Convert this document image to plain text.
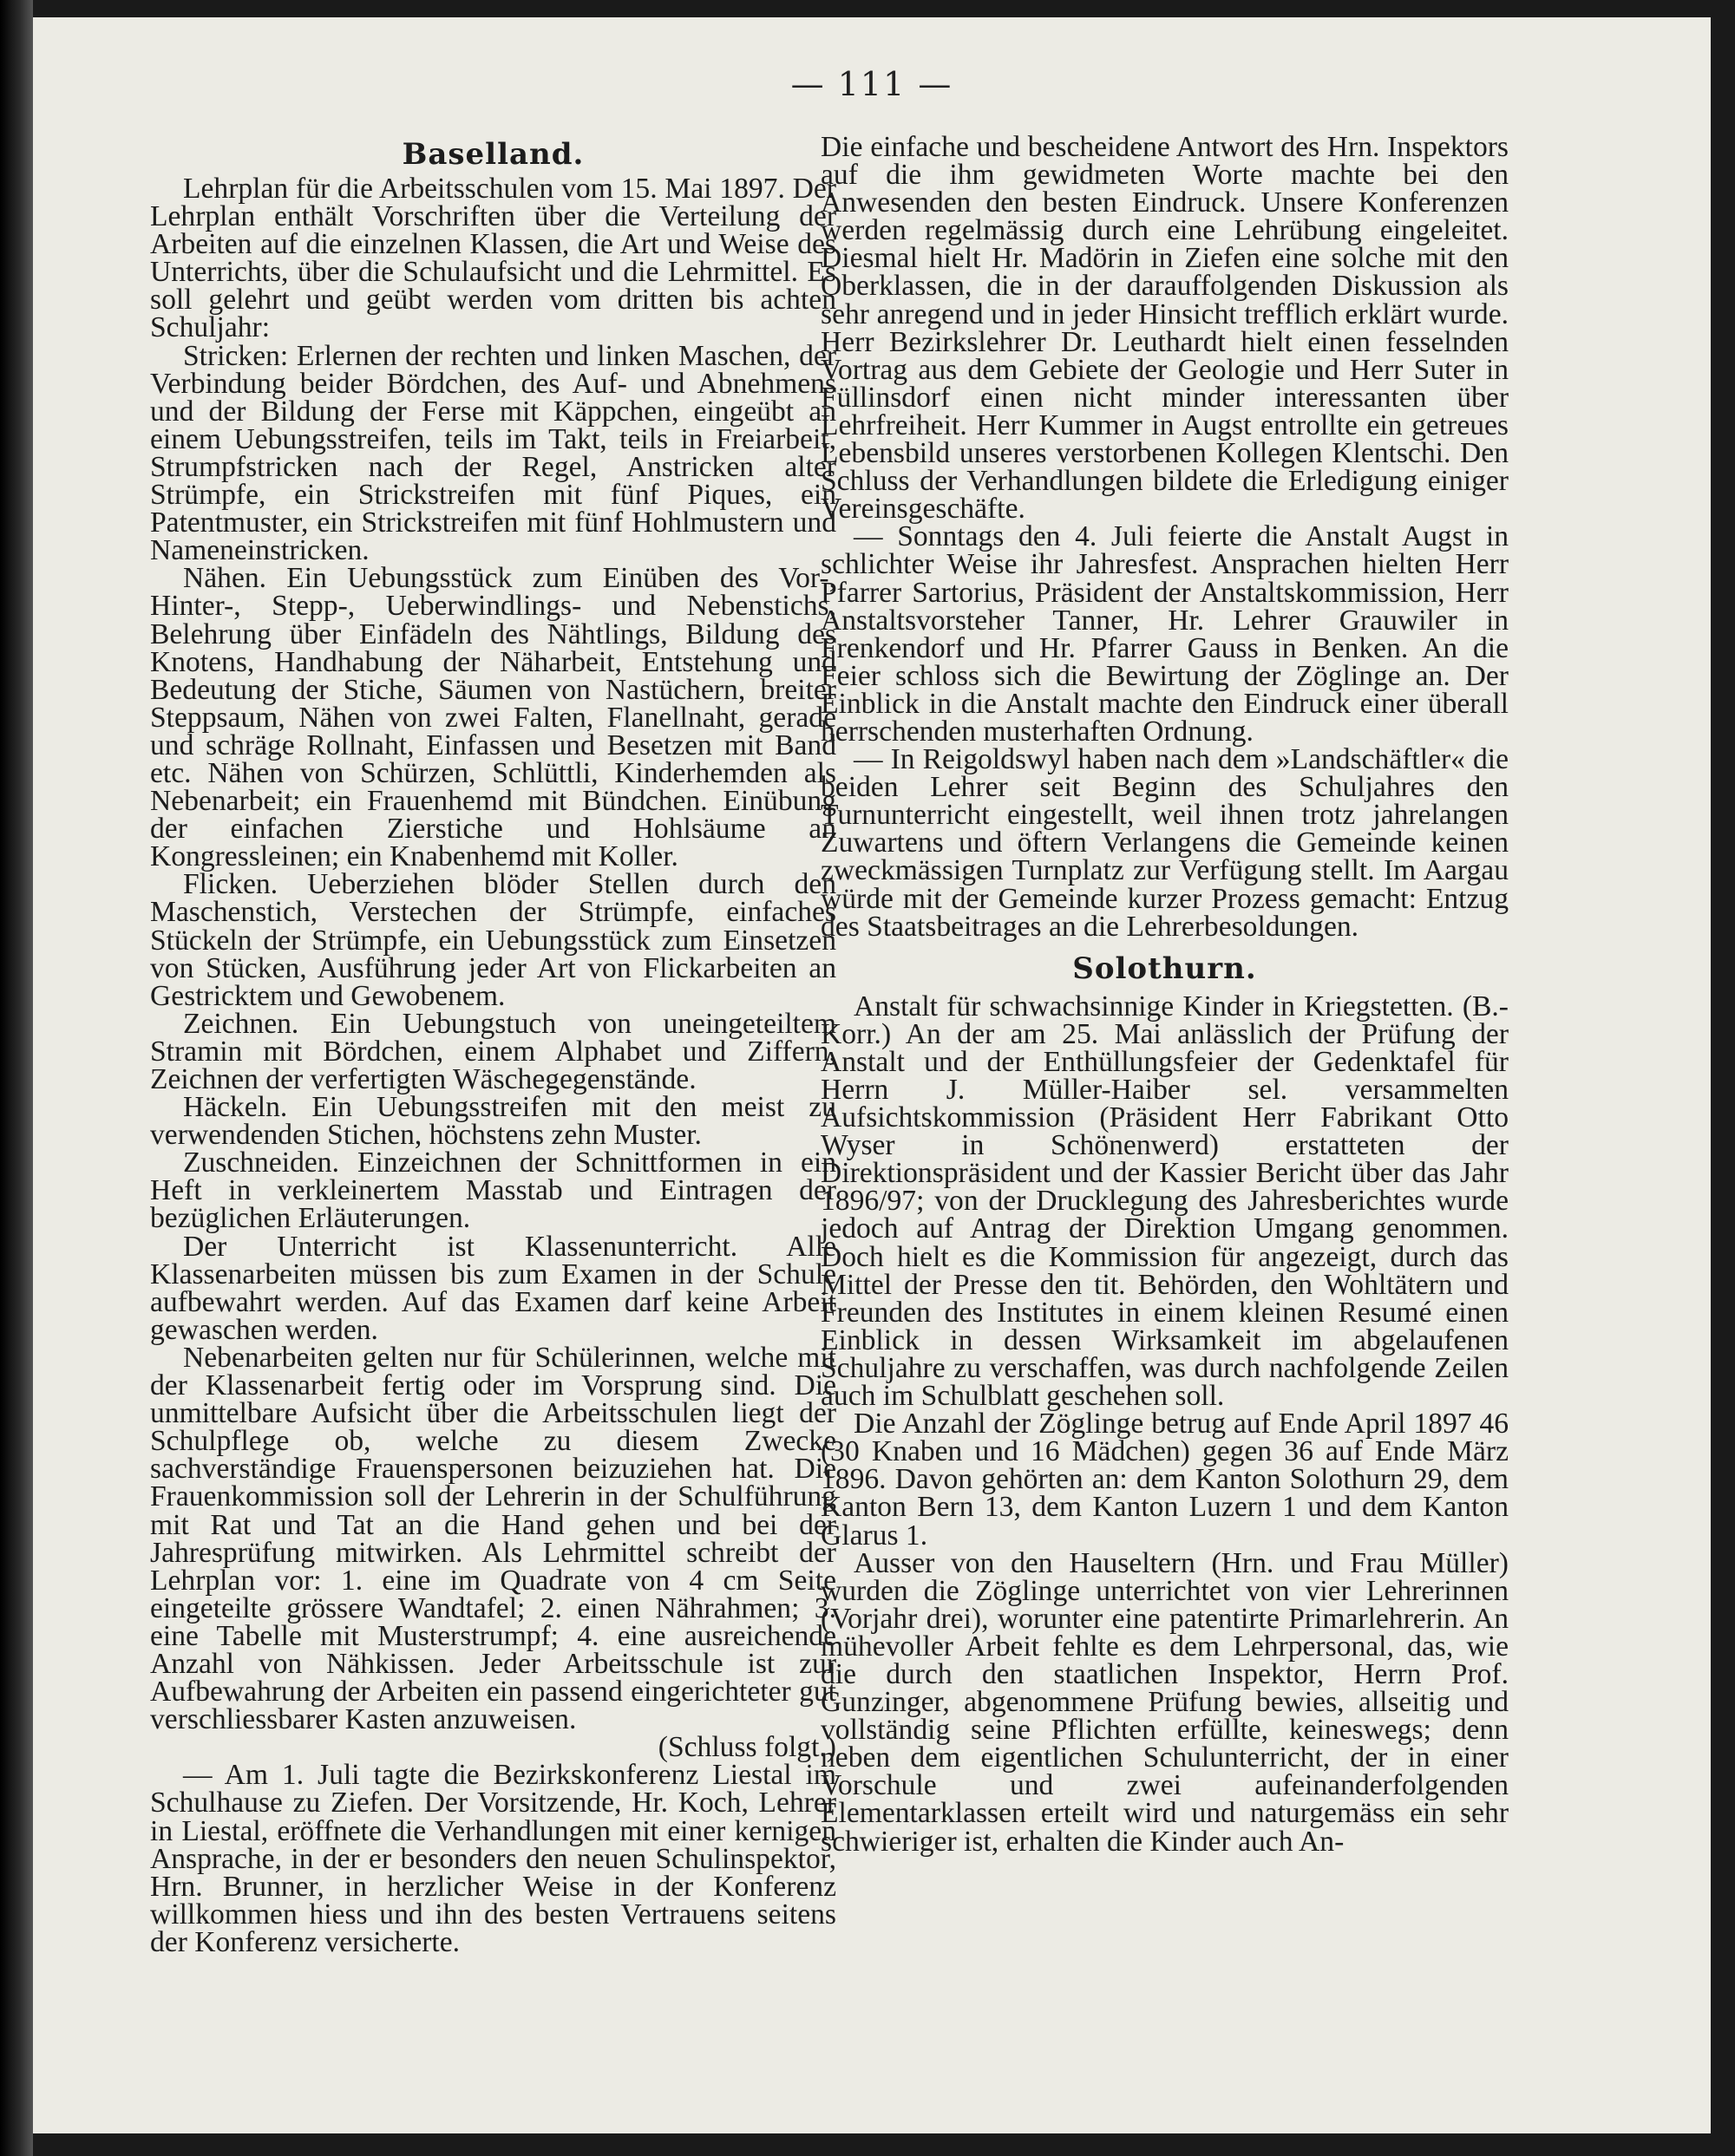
— 111 —
Baselland.

Lehrplan für die Arbeitsschulen vom 15. Mai 1897. Der Lehrplan enthält Vorschriften über die Verteilung der Arbeiten auf die einzelnen Klassen, die Art und Weise des Unterrichts, über die Schulaufsicht und die Lehrmittel. Es soll gelehrt und geübt werden vom dritten bis achten Schuljahr:

Stricken: Erlernen der rechten und linken Maschen, der Verbindung beider Bördchen, des Auf- und Abnehmens und der Bildung der Ferse mit Käppchen, eingeübt an einem Uebungsstreifen, teils im Takt, teils in Freiarbeit, Strumpfstricken nach der Regel, Anstricken alter Strümpfe, ein Strickstreifen mit fünf Piques, ein Patentmuster, ein Strickstreifen mit fünf Hohlmustern und Nameneinstricken.

Nähen. Ein Uebungsstück zum Einüben des Vor-, Hinter-, Stepp-, Ueberwindlings- und Nebenstichs, Belehrung über Einfädeln des Nähtlings, Bildung des Knotens, Handhabung der Näharbeit, Entstehung und Bedeutung der Stiche, Säumen von Nastüchern, breiter Steppsaum, Nähen von zwei Falten, Flanellnaht, gerade und schräge Rollnaht, Einfassen und Besetzen mit Band etc. Nähen von Schürzen, Schlüttli, Kinderhemden als Nebenarbeit; ein Frauenhemd mit Bündchen. Einübung der einfachen Zierstiche und Hohlsäume an Kongressleinen; ein Knabenhemd mit Koller.

Flicken. Ueberziehen blöder Stellen durch den Maschenstich, Verstechen der Strümpfe, einfaches Stückeln der Strümpfe, ein Uebungsstück zum Einsetzen von Stücken, Ausführung jeder Art von Flickarbeiten an Gestricktem und Gewobenem.

Zeichnen. Ein Uebungstuch von uneingeteiltem Stramin mit Bördchen, einem Alphabet und Ziffern, Zeichnen der verfertigten Wäschegegenstände.

Häckeln. Ein Uebungsstreifen mit den meist zu verwendenden Stichen, höchstens zehn Muster.

Zuschneiden. Einzeichnen der Schnittformen in ein Heft in verkleinertem Masstab und Eintragen der bezüglichen Erläuterungen.

Der Unterricht ist Klassenunterricht. Alle Klassenarbeiten müssen bis zum Examen in der Schule aufbewahrt werden. Auf das Examen darf keine Arbeit gewaschen werden.

Nebenarbeiten gelten nur für Schülerinnen, welche mit der Klassenarbeit fertig oder im Vorsprung sind. Die unmittelbare Aufsicht über die Arbeitsschulen liegt der Schulpflege ob, welche zu diesem Zwecke sachverständige Frauenspersonen beizuziehen hat. Die Frauenkommission soll der Lehrerin in der Schulführung mit Rat und Tat an die Hand gehen und bei der Jahresprüfung mitwirken. Als Lehrmittel schreibt der Lehrplan vor: 1. eine im Quadrate von 4 cm Seite eingeteilte grössere Wandtafel; 2. einen Nährahmen; 3. eine Tabelle mit Musterstrumpf; 4. eine ausreichende Anzahl von Nähkissen. Jeder Arbeitsschule ist zur Aufbewahrung der Arbeiten ein passend eingerichteter gut verschliessbarer Kasten anzuweisen.

(Schluss folgt.)

— Am 1. Juli tagte die Bezirkskonferenz Liestal im Schulhause zu Ziefen. Der Vorsitzende, Hr. Koch, Lehrer in Liestal, eröffnete die Verhandlungen mit einer kernigen Ansprache, in der er besonders den neuen Schulinspektor, Hrn. Brunner, in herzlicher Weise in der Konferenz willkommen hiess und ihn des besten Vertrauens seitens der Konferenz versicherte.

Die einfache und bescheidene Antwort des Hrn. Inspektors auf die ihm gewidmeten Worte machte bei den Anwesenden den besten Eindruck. Unsere Konferenzen werden regelmässig durch eine Lehrübung eingeleitet. Diesmal hielt Hr. Madörin in Ziefen eine solche mit den Oberklassen, die in der darauffolgenden Diskussion als sehr anregend und in jeder Hinsicht trefflich erklärt wurde. Herr Bezirkslehrer Dr. Leuthardt hielt einen fesselnden Vortrag aus dem Gebiete der Geologie und Herr Suter in Füllinsdorf einen nicht minder interessanten über Lehrfreiheit. Herr Kummer in Augst entrollte ein getreues Lebensbild unseres verstorbenen Kollegen Klentschi. Den Schluss der Verhandlungen bildete die Erledigung einiger Vereinsgeschäfte.

— Sonntags den 4. Juli feierte die Anstalt Augst in schlichter Weise ihr Jahresfest. Ansprachen hielten Herr Pfarrer Sartorius, Präsident der Anstaltskommission, Herr Anstaltsvorsteher Tanner, Hr. Lehrer Grauwiler in Frenkendorf und Hr. Pfarrer Gauss in Benken. An die Feier schloss sich die Bewirtung der Zöglinge an. Der Einblick in die Anstalt machte den Eindruck einer überall herrschenden musterhaften Ordnung.

— In Reigoldswyl haben nach dem »Landschäftler« die beiden Lehrer seit Beginn des Schuljahres den Turnunterricht eingestellt, weil ihnen trotz jahrelangen Zuwartens und öftern Verlangens die Gemeinde keinen zweckmässigen Turnplatz zur Verfügung stellt. Im Aargau würde mit der Gemeinde kurzer Prozess gemacht: Entzug des Staatsbeitrages an die Lehrerbesoldungen.

Solothurn.

Anstalt für schwachsinnige Kinder in Kriegstetten. (B.-Korr.) An der am 25. Mai anlässlich der Prüfung der Anstalt und der Enthüllungsfeier der Gedenktafel für Herrn J. Müller-Haiber sel. versammelten Aufsichtskommission (Präsident Herr Fabrikant Otto Wyser in Schönenwerd) erstatteten der Direktionspräsident und der Kassier Bericht über das Jahr 1896/97; von der Drucklegung des Jahresberichtes wurde jedoch auf Antrag der Direktion Umgang genommen. Doch hielt es die Kommission für angezeigt, durch das Mittel der Presse den tit. Behörden, den Wohltätern und Freunden des Institutes in einem kleinen Resumé einen Einblick in dessen Wirksamkeit im abgelaufenen Schuljahre zu verschaffen, was durch nachfolgende Zeilen auch im Schulblatt geschehen soll.

Die Anzahl der Zöglinge betrug auf Ende April 1897 46 (30 Knaben und 16 Mädchen) gegen 36 auf Ende März 1896. Davon gehörten an: dem Kanton Solothurn 29, dem Kanton Bern 13, dem Kanton Luzern 1 und dem Kanton Glarus 1.

Ausser von den Hauseltern (Hrn. und Frau Müller) wurden die Zöglinge unterrichtet von vier Lehrerinnen (Vorjahr drei), worunter eine patentirte Primarlehrerin. An mühevoller Arbeit fehlte es dem Lehrpersonal, das, wie die durch den staatlichen Inspektor, Herrn Prof. Gunzinger, abgenommene Prüfung bewies, allseitig und vollständig seine Pflichten erfüllte, keineswegs; denn neben dem eigentlichen Schulunterricht, der in einer Vorschule und zwei aufeinanderfolgenden Elementarklassen erteilt wird und naturgemäss ein sehr schwieriger ist, erhalten die Kinder auch An-
